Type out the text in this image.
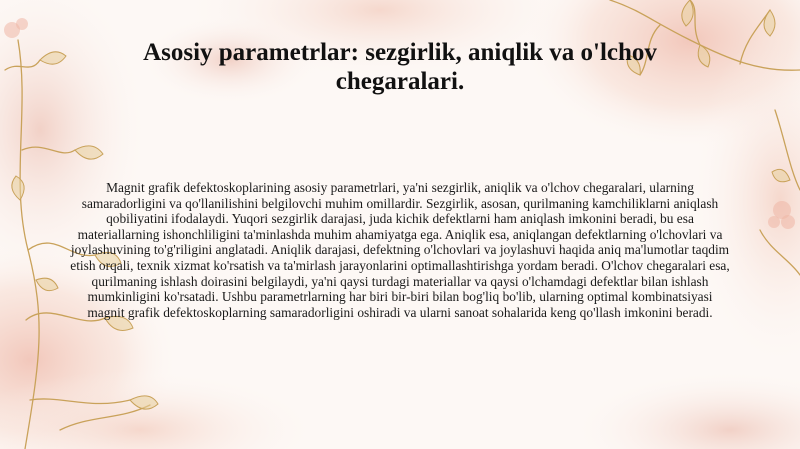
Asosiy parametrlar: sezgirlik, aniqlik va o'lchov chegaralari.

Magnit grafik defektoskoplarining asosiy parametrlari, ya'ni sezgirlik, aniqlik va o'lchov chegaralari, ularning samaradorligini va qo'llanilishini belgilovchi muhim omillardir. Sezgirlik, asosan, qurilmaning kamchiliklarni aniqlash qobiliyatini ifodalaydi. Yuqori sezgirlik darajasi, juda kichik defektlarni ham aniqlash imkonini beradi, bu esa materiallarning ishonchliligini ta'minlashda muhim ahamiyatga ega. Aniqlik esa, aniqlangan defektlarning o'lchovlari va joylashuvining to'g'riligini anglatadi. Aniqlik darajasi, defektning o'lchovlari va joylashuvi haqida aniq ma'lumotlar taqdim etish orqali, texnik xizmat ko'rsatish va ta'mirlash jarayonlarini optimallashtirishga yordam beradi. O'lchov chegaralari esa, qurilmaning ishlash doirasini belgilaydi, ya'ni qaysi turdagi materiallar va qaysi o'lchamdagi defektlar bilan ishlash mumkinligini ko'rsatadi. Ushbu parametrlarning har biri bir-biri bilan bog'liq bo'lib, ularning optimal kombinatsiyasi magnit grafik defektoskoplarning samaradorligini oshiradi va ularni sanoat sohalarida keng qo'llash imkonini beradi.
